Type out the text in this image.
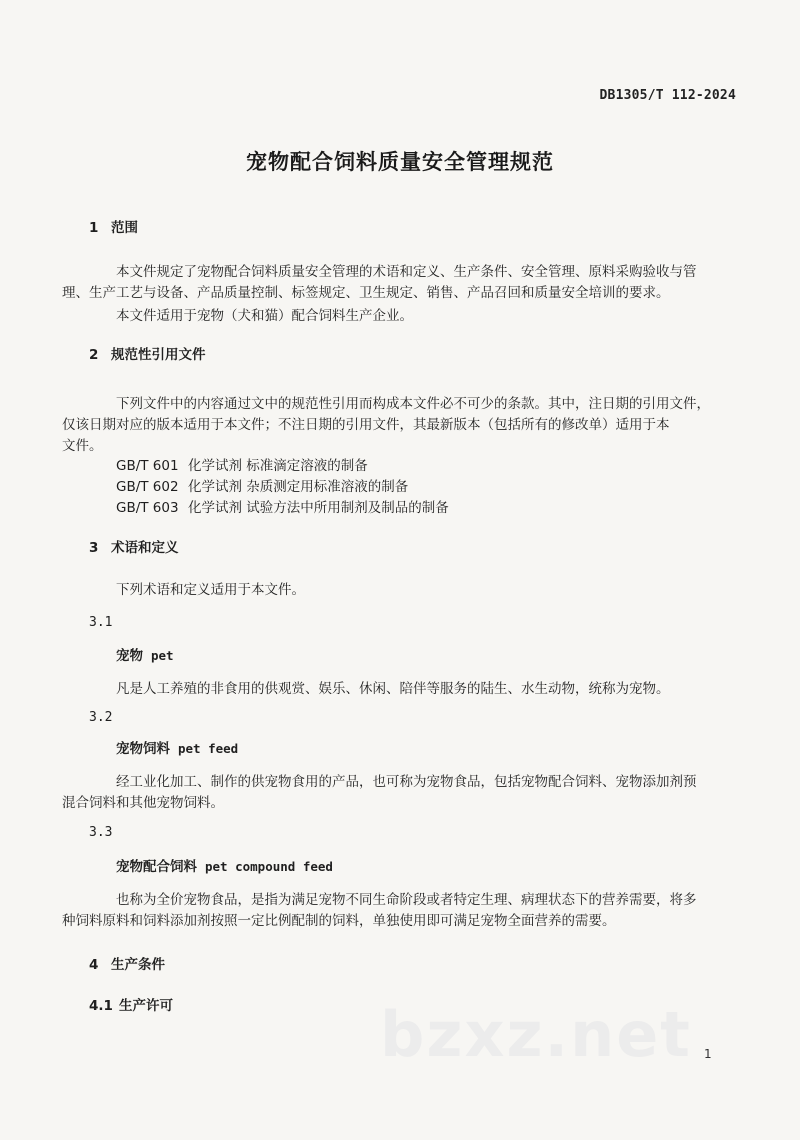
DB1305/T 112-2024
宠物配合饲料质量安全管理规范
1 范围
本文件规定了宠物配合饲料质量安全管理的术语和定义、生产条件、安全管理、原料采购验收与管
理、生产工艺与设备、产品质量控制、标签规定、卫生规定、销售、产品召回和质量安全培训的要求。
本文件适用于宠物（犬和猫）配合饲料生产企业。
2 规范性引用文件
下列文件中的内容通过文中的规范性引用而构成本文件必不可少的条款。其中，注日期的引用文件，
仅该日期对应的版本适用于本文件；不注日期的引用文件，其最新版本（包括所有的修改单）适用于本
文件。
GB/T 601 化学试剂 标准滴定溶液的制备
GB/T 602 化学试剂 杂质测定用标准溶液的制备
GB/T 603 化学试剂 试验方法中所用制剂及制品的制备
3 术语和定义
下列术语和定义适用于本文件。
3.1
宠物 pet
凡是人工养殖的非食用的供观赏、娱乐、休闲、陪伴等服务的陆生、水生动物，统称为宠物。
3.2
宠物饲料 pet feed
经工业化加工、制作的供宠物食用的产品，也可称为宠物食品，包括宠物配合饲料、宠物添加剂预
混合饲料和其他宠物饲料。
3.3
宠物配合饲料 pet compound feed
也称为全价宠物食品，是指为满足宠物不同生命阶段或者特定生理、病理状态下的营养需要，将多
种饲料原料和饲料添加剂按照一定比例配制的饲料，单独使用即可满足宠物全面营养的需要。
4 生产条件
4.1 生产许可	bzxz.net 1
